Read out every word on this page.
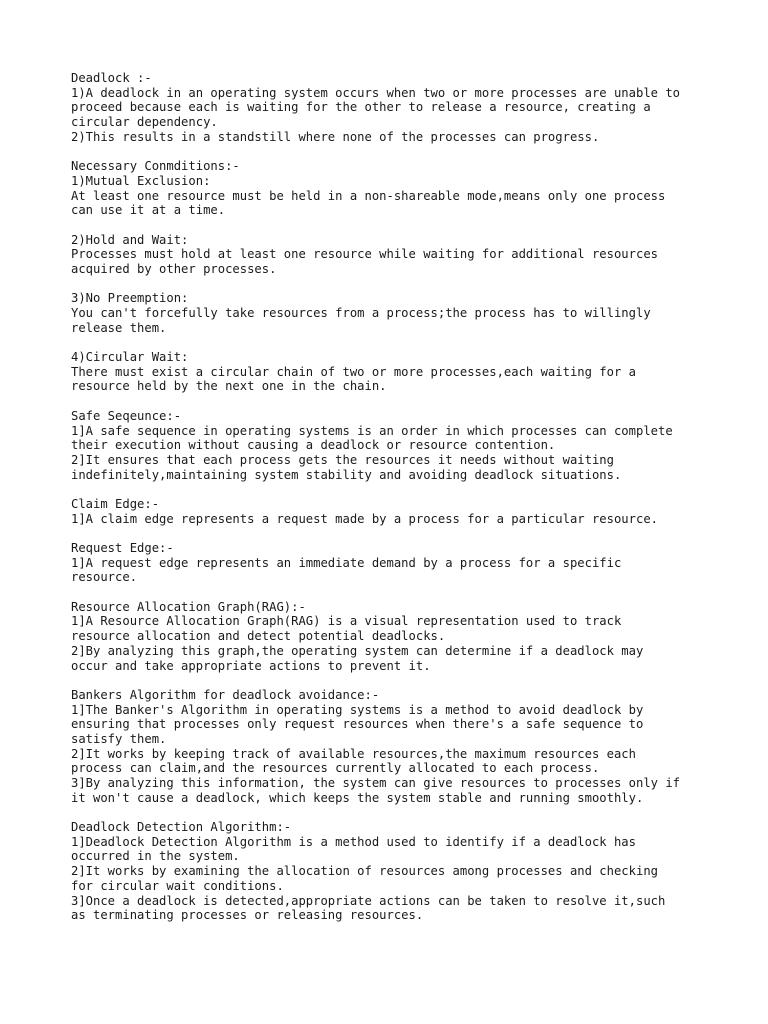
Deadlock :-
1)A deadlock in an operating system occurs when two or more processes are unable to
proceed because each is waiting for the other to release a resource, creating a
circular dependency.
2)This results in a standstill where none of the processes can progress.
Necessary Conmditions:-
1)Mutual Exclusion:
At least one resource must be held in a non-shareable mode,means only one process
can use it at a time.
2)Hold and Wait:
Processes must hold at least one resource while waiting for additional resources
acquired by other processes.
3)No Preemption:
You can't forcefully take resources from a process;the process has to willingly
release them.
4)Circular Wait:
There must exist a circular chain of two or more processes,each waiting for a
resource held by the next one in the chain.
Safe Seqeunce:-
1]A safe sequence in operating systems is an order in which processes can complete
their execution without causing a deadlock or resource contention.
2]It ensures that each process gets the resources it needs without waiting
indefinitely,maintaining system stability and avoiding deadlock situations.
Claim Edge:-
1]A claim edge represents a request made by a process for a particular resource.
Request Edge:-
1]A request edge represents an immediate demand by a process for a specific
resource.
Resource Allocation Graph(RAG):-
1]A Resource Allocation Graph(RAG) is a visual representation used to track
resource allocation and detect potential deadlocks.
2]By analyzing this graph,the operating system can determine if a deadlock may
occur and take appropriate actions to prevent it.
Bankers Algorithm for deadlock avoidance:-
1]The Banker's Algorithm in operating systems is a method to avoid deadlock by
ensuring that processes only request resources when there's a safe sequence to
satisfy them.
2]It works by keeping track of available resources,the maximum resources each
process can claim,and the resources currently allocated to each process.
3]By analyzing this information, the system can give resources to processes only if
it won't cause a deadlock, which keeps the system stable and running smoothly.
Deadlock Detection Algorithm:-
1]Deadlock Detection Algorithm is a method used to identify if a deadlock has
occurred in the system.
2]It works by examining the allocation of resources among processes and checking
for circular wait conditions.
3]Once a deadlock is detected,appropriate actions can be taken to resolve it,such
as terminating processes or releasing resources.
